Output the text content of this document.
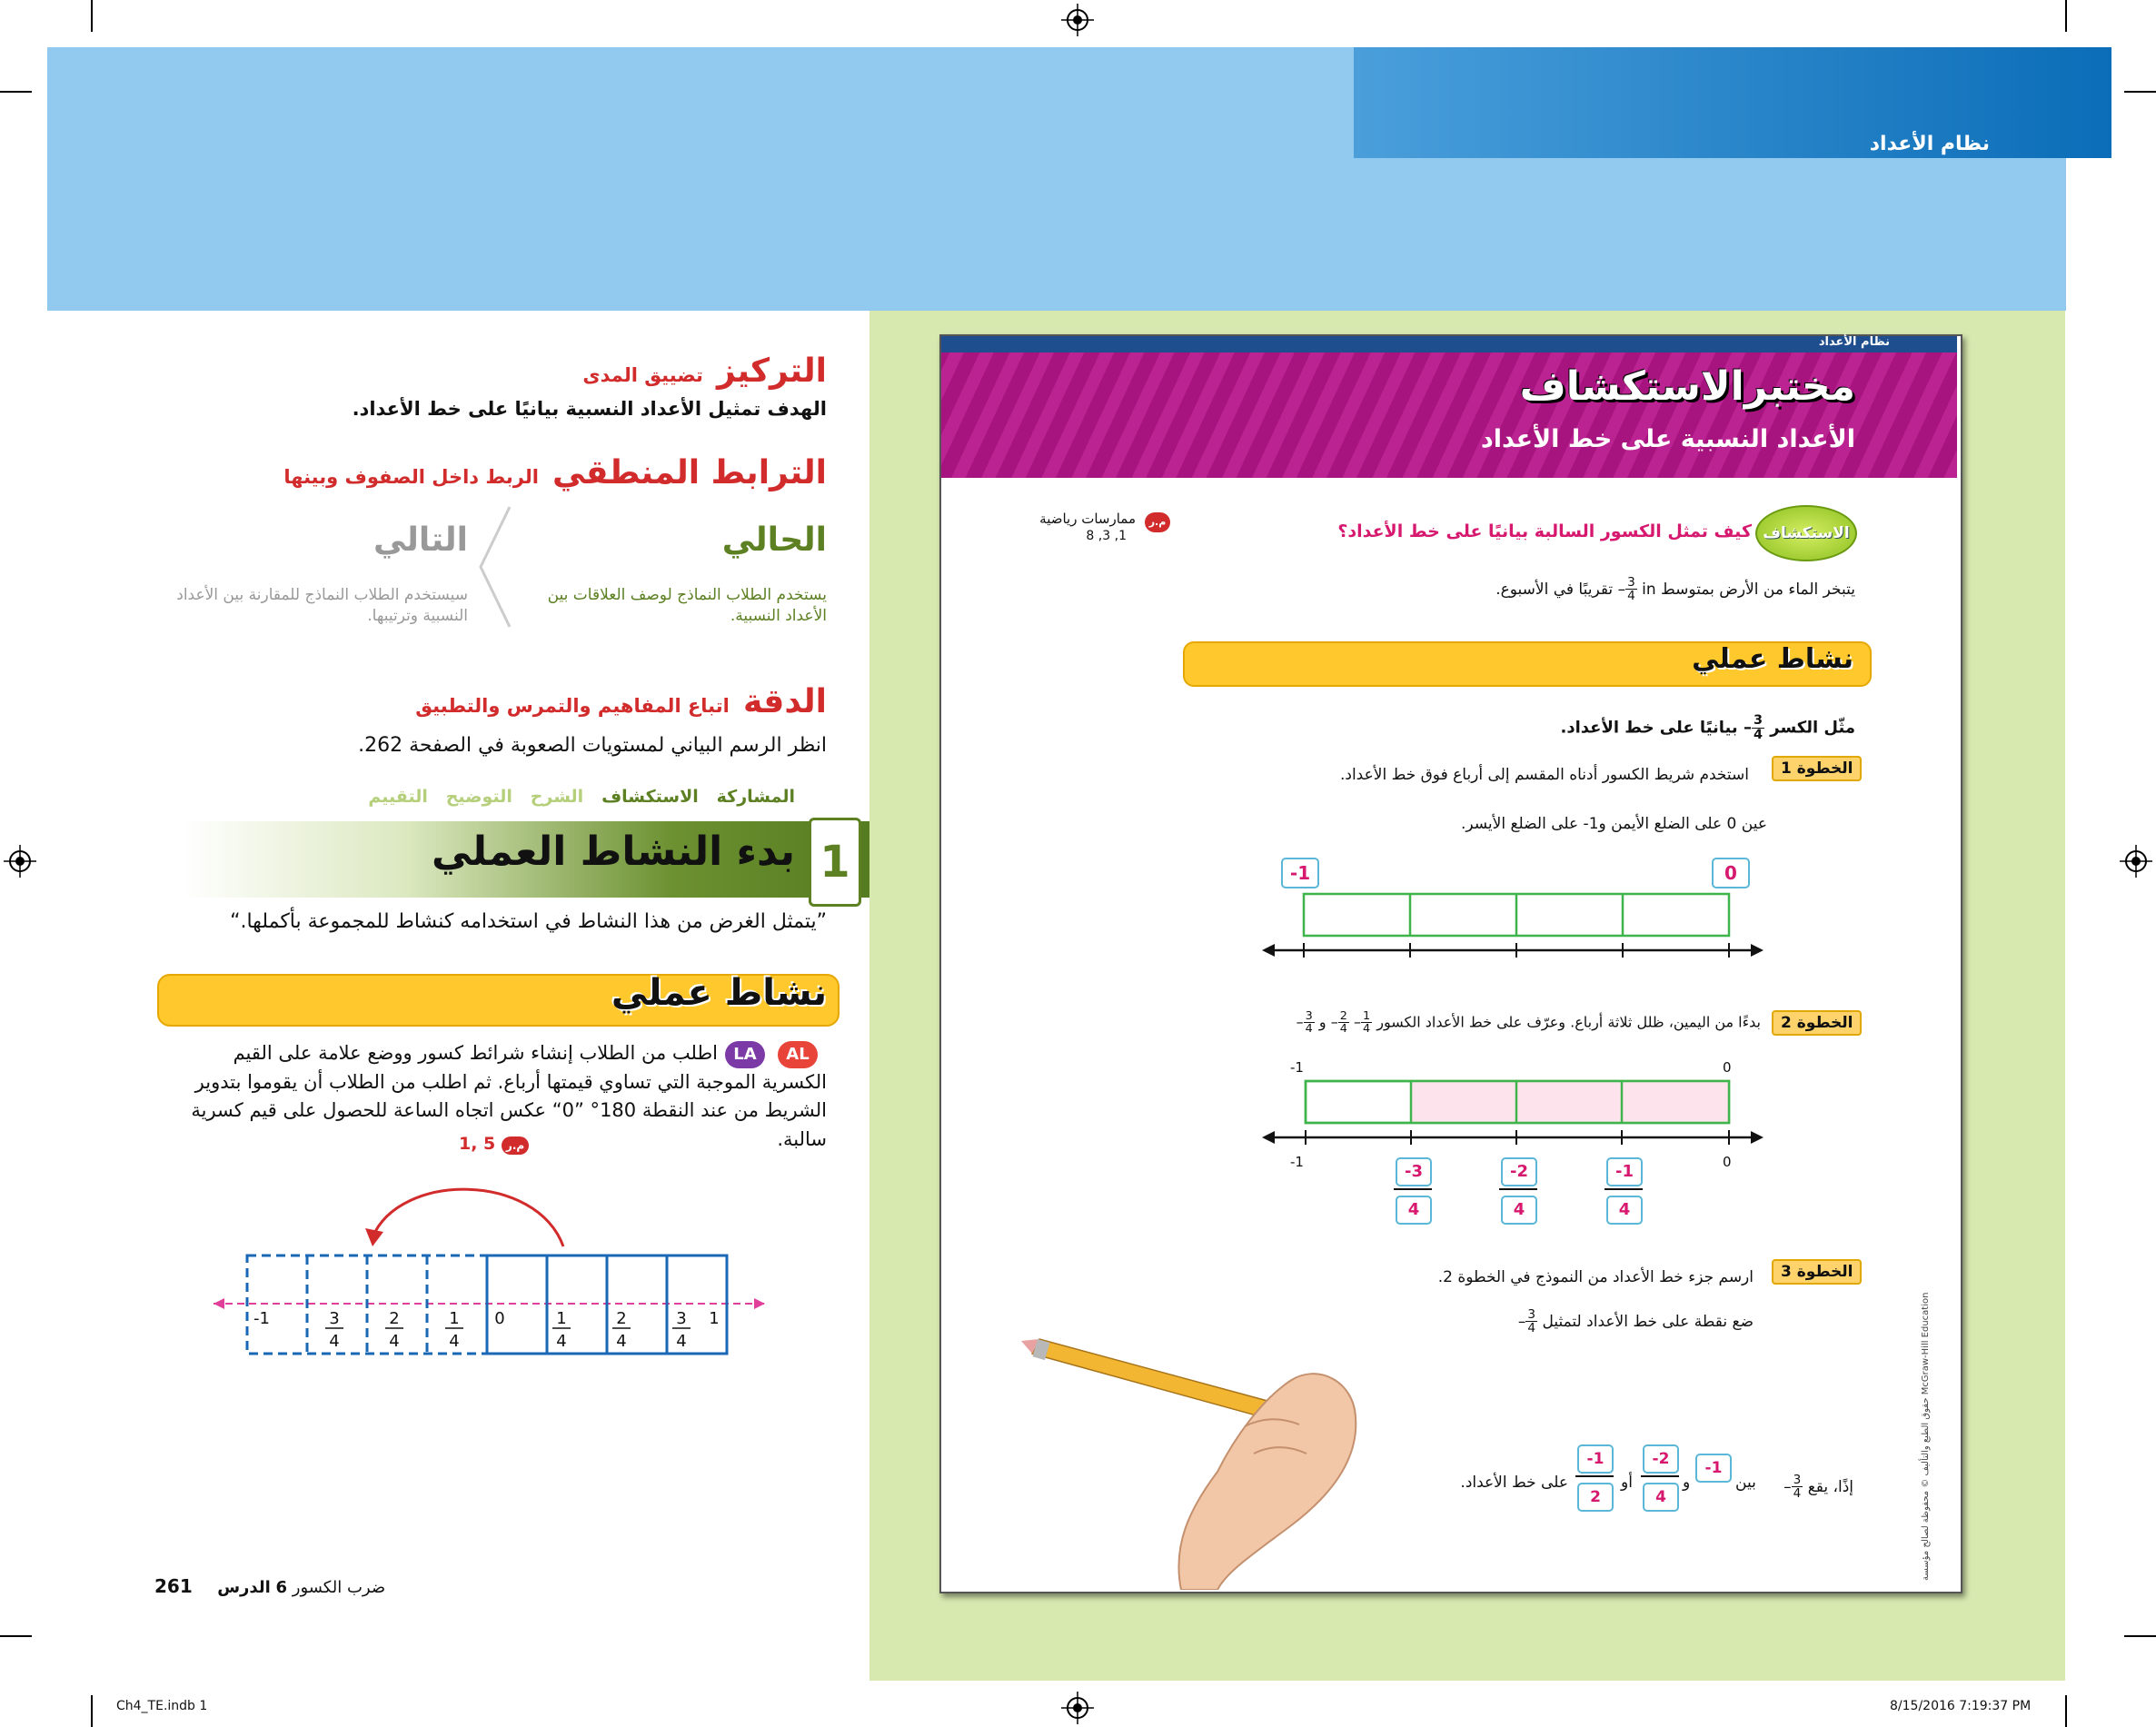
نظام الأعداد
التركيز تضييق المدى
الهدف تمثيل الأعداد النسبية بيانيًا على خط الأعداد.
الترابط المنطقي الربط داخل الصفوف وبينها
الحالي
يستخدم الطلاب النماذج لوصف العلاقات بين الأعداد النسبية.
التالي
سيستخدم الطلاب النماذج للمقارنة بين الأعداد النسبية وترتيبها.
الدقة اتباع المفاهيم والتمرس والتطبيق
انظر الرسم البياني لمستويات الصعوبة في الصفحة 262.
المشاركة   الاستكشاف   الشرح   التوضيح   التقييم
1
بدء النشاط العملي
”يتمثل الغرض من هذا النشاط في استخدامه كنشاط للمجموعة بأكملها.“
نشاط عملي
AL
LA
اطلب من الطلاب إنشاء شرائط كسور ووضع علامة على القيم الكسرية الموجبة التي تساوي قيمتها أرباع. ثم اطلب من الطلاب أن يقوموا بتدوير الشريط من عند النقطة 180° ”0“ عكس اتجاه الساعة للحصول على قيم كسرية سالبة.
1, 5 م.ر
-1	3
4
2
4
1
4
0	1
4
2
4
3
4
1
261	ضرب الكسور 6 الدرس
نظام الأعداد
مختبرالاستكشاف
الأعداد النسبية على خط الأعداد
الاستكشاف
كيف تمثل الكسور السالبة بيانيًا على خط الأعداد؟
م.ر
ممارسات رياضية
1, 3, 8
يتبخر الماء من الأرض بمتوسط in
$\frac{3}{4}$
– تقريبًا في الأسبوع.
نشاط عملي
مثّل الكسر
$\frac{3}{4}$
– بيانيًا على خط الأعداد.
الخطوة 1
استخدم شريط الكسور أدناه المقسم إلى أرباع فوق خط الأعداد.
عين 0 على الضلع الأيمن و1- على الضلع الأيسر.
-1	0
الخطوة 2
بدءًا من اليمين، ظلل ثلاثة أرباع. وعرّف على خط الأعداد الكسور
$\frac{1}{4}$
–
$\frac{2}{4}$
– و
$\frac{3}{4}$
–
-1	0
-1	0
-3
4
-2
4
-1
4
الخطوة 3
ارسم جزء خط الأعداد من النموذج في الخطوة 2.
ضع نقطة على خط الأعداد لتمثيل
$\frac{3}{4}$
–
إذًا، يقع
$\frac{3}{4}$
–
بين
-1
و
-2
4
أو
-1
2
على خط الأعداد.	حقوق الطبع والتأليف © محفوظة لصالح مؤسسة McGraw-Hill Education
Ch4_TE.indb 1	8/15/2016 7:19:37 PM
